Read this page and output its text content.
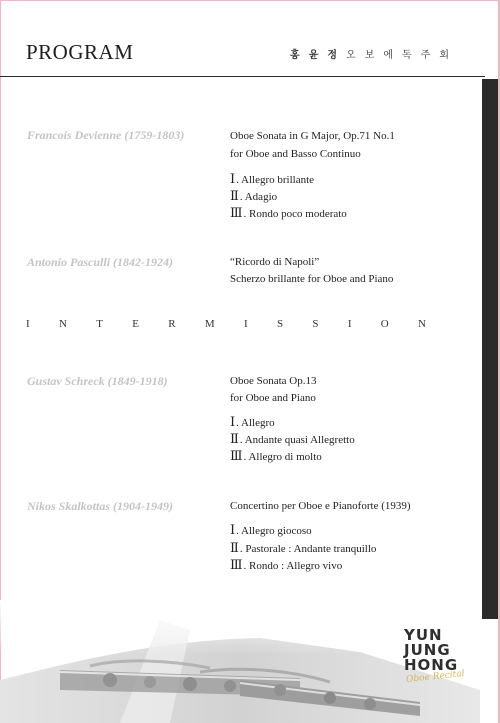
PROGRAM	홍윤정오보에독주회
Francois Devienne (1759-1803)	Oboe Sonata in G Major, Op.71 No.1
for Oboe and Basso Continuo
Ⅰ. Allegro brillante
Ⅱ. Adagio
Ⅲ. Rondo poco moderato
Antonio Pasculli (1842-1924)	“Ricordo di Napoli”
Scherzo brillante for Oboe and Piano
I	N	T	E	R	M	I	S	S	I	O	N
Gustav Schreck (1849-1918)	Oboe Sonata Op.13
for Oboe and Piano
Ⅰ. Allegro
Ⅱ. Andante quasi Allegretto
Ⅲ. Allegro di molto
Nikos Skalkottas (1904-1949)	Concertino per Oboe e Pianoforte (1939)
Ⅰ. Allegro giocoso
Ⅱ. Pastorale : Andante tranquillo
Ⅲ. Rondo : Allegro vivo
YUN
JUNG
HONG
Oboe Recital
